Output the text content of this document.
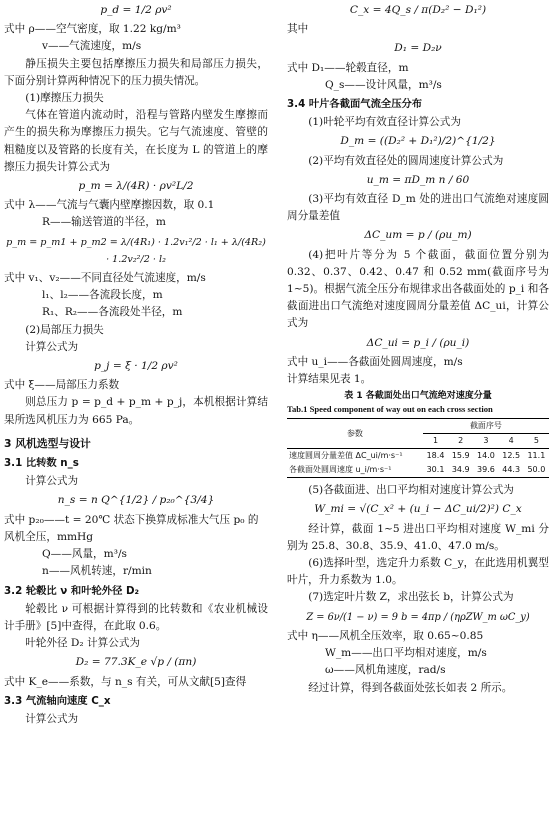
p_d = 1/2 ρv²

式中 ρ——空气密度，取 1.22 kg/m³

v——气流速度，m/s

静压损失主要包括摩擦压力损失和局部压力损失，下面分别计算两种情况下的压力损失情况。

(1)摩擦压力损失

气体在管道内流动时，沿程与管路内壁发生摩擦而产生的损失称为摩擦压力损失。它与气流速度、管壁的粗糙度以及管路的长度有关，在长度为 L 的管道上的摩擦压力损失计算公式为

p_m = λ/(4R) · ρv²L/2

式中 λ——气流与气囊内壁摩擦因数，取 0.1

R——输送管道的半径，m

p_m = p_m1 + p_m2 = λ/(4R₁) · 1.2v₁²/2 · l₁ + λ/(4R₂) · 1.2v₂²/2 · l₂

式中 v₁、v₂——不同直径处气流速度，m/s

l₁、l₂——各流段长度，m

R₁、R₂——各流段处半径，m

(2)局部压力损失

计算公式为

p_j = ξ · 1/2 ρv²

式中 ξ——局部压力系数

则总压力 p = p_d + p_m + p_j，本机根据计算结果所选风机压力为 665 Pa。

3 风机选型与设计

3.1 比转数 n_s

计算公式为

n_s = n Q^{1/2} / p₂₀^{3/4}

式中 p₂₀——t = 20℃ 状态下换算成标准大气压 p₀ 的风机全压，mmHg

Q——风量，m³/s

n——风机转速，r/min

3.2 轮毂比 ν 和叶轮外径 D₂

轮毂比 ν 可根据计算得到的比转数和《农业机械设计手册》[5]中查得，在此取 0.6。

叶轮外径 D₂ 计算公式为

D₂ = 77.3K_e √p / (πn)

式中 K_e——系数，与 n_s 有关，可从文献[5]查得

3.3 气流轴向速度 C_x

计算公式为

C_x = 4Q_s / π(D₂² − D₁²)

其中

D₁ = D₂ν

式中 D₁——轮毂直径，m

Q_s——设计风量，m³/s

3.4 叶片各截面气流全压分布

(1)叶轮平均有效直径计算公式为

D_m = ((D₂² + D₁²)/2)^{1/2}

(2)平均有效直径处的圆周速度计算公式为

u_m = πD_m n / 60

(3)平均有效直径 D_m 处的进出口气流绝对速度圆周分量差值

ΔC_um = p / (ρu_m)

(4)把叶片等分为 5 个截面，截面位置分别为 0.32、0.37、0.42、0.47 和 0.52 mm(截面序号为 1~5)。根据气流全压分布规律求出各截面处的 p_i 和各截面进出口气流绝对速度圆周分量差值 ΔC_ui，计算公式为

ΔC_ui = p_i / (ρu_i)

式中 u_i——各截面处圆周速度，m/s

计算结果见表 1。

表 1 各截面处出口气流绝对速度分量

Tab.1 Speed component of way out on each cross section

参数	截面序号				
	1	2	3	4	5
速度圆周分量差值 ΔC_ui/m·s⁻¹	18.4	15.9	14.0	12.5	11.1
各截面处圆周速度 u_i/m·s⁻¹	30.1	34.9	39.6	44.3	50.0

(5)各截面进、出口平均相对速度计算公式为

W_mi = √(C_x² + (u_i − ΔC_ui/2)²) C_x

经计算，截面 1~5 进出口平均相对速度 W_mi 分别为 25.8、30.8、35.9、41.0、47.0 m/s。

(6)选择叶型，选定升力系数 C_y，在此选用机翼型叶片，升力系数为 1.0。

(7)选定叶片数 Z，求出弦长 b，计算公式为

Z = 6ν/(1 − ν) = 9 b = 4πp / (ηρZW_m ωC_y)

式中 η——风机全压效率，取 0.65~0.85

W_m——出口平均相对速度，m/s

ω——风机角速度，rad/s

经过计算，得到各截面处弦长如表 2 所示。
